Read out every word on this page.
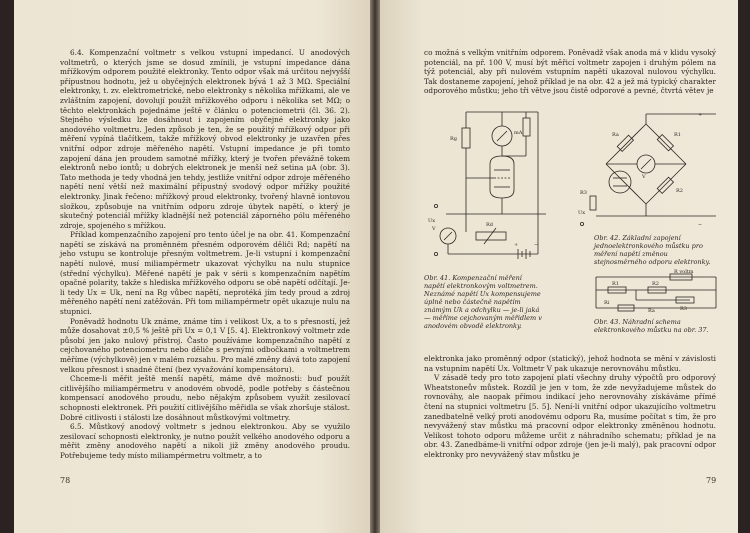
6.4. Kompenzační voltmetr s velkou vstupní impedancí. U anodových voltmetrů, o kterých jsme se dosud zmínili, je vstupní impedance dána mřížkovým odporem použité elektronky. Tento odpor však má určitou nejvyšší přípustnou hodnotu, jež u obyčejných elektronek bývá 1 až 3 MΩ. Speciální elektronky, t. zv. elektrometrické, nebo elektronky s několika mřížkami, ale ve zvláštním zapojení, dovolují použít mřížkového odporu i několika set MΩ; o těchto elektronkách pojednáme ještě v článku o potenciometrii (čl. 36. 2). Stejného výsledku lze dosáhnout i zapojením obyčejné elektronky jako anodového voltmetru. Jeden způsob je ten, že se použitý mřížkový odpor při měření vypíná tlačítkem, takže mřížkový obvod elektronky je uzavřen přes vnitřní odpor zdroje měřeného napětí. Vstupní impedance je při tomto zapojení dána jen proudem samotné mřížky, který je tvořen převážně tokem elektronů nebo iontů; u dobrých elektronek je menší než setina μA (obr. 3). Tato methoda je tedy vhodná jen tehdy, jestliže vnitřní odpor zdroje měřeného napětí není větší než maximální přípustný svodový odpor mřížky použité elektronky. Jinak řečeno: mřížkový proud elektronky, tvořený hlavně iontovou složkou, způsobuje na vnitřním odporu zdroje úbytek napětí, o který je skutečný potenciál mřížky kladnější než potenciál záporného pólu měřeného zdroje, spojeného s mřížkou.

Příklad kompenzačního zapojení pro tento účel je na obr. 41. Kompenzační napětí se získává na proměnném přesném odporovém děliči Rd; napětí na jeho vstupu se kontroluje přesným voltmetrem. Je-li vstupní i kompenzační napětí nulové, musí miliampérmetr ukazovat výchylku na nulu stupnice (střední výchylku). Měřené napětí je pak v sérii s kompenzačním napětím opačné polarity, takže s hlediska mřížkového odporu se obě napětí odčítají. Je-li tedy Ux = Uk, není na Rg vůbec napětí, neprotéká jím tedy proud a zdroj měřeného napětí není zatěžován. Při tom miliampérmetr opět ukazuje nulu na stupnici.

Poněvadž hodnotu Uk známe, známe tím i velikost Ux, a to s přesností, jež může dosahovat ±0,5 % ještě při Ux = 0,1 V [5. 4]. Elektronkový voltmetr zde působí jen jako nulový přístroj. Často používáme kompenzačního napětí z cejchovaného potenciometru nebo děliče s pevnými odbočkami a voltmetrem měříme (výchylkově) jen v malém rozsahu. Pro malé změny dává toto zapojení velkou přesnost i snadné čtení (bez vyvažování kompensátoru).

Chceme-li měřit ještě menší napětí, máme dvě možnosti: buď použít citlivějšího miliampérmetru v anodovém obvodě, podle potřeby s částečnou kompensací anodového proudu, nebo nějakým způsobem využít zesilovací schopnosti elektronek. Při použití citlivějšího měřidla se však zhoršuje stálost. Dobré citlivosti i stálosti lze dosáhnout můstkovými voltmetry.

6.5. Můstkový anodový voltmetr s jednou elektronkou. Aby se využilo zesilovací schopnosti elektronky, je nutno použít velkého anodového odporu a měřit změny anodového napětí a nikoli již změny anodového proudu. Potřebujeme tedy místo miliampérmetru voltmetr, a to

78

co možná s velkým vnitřním odporem. Poněvadž však anoda má v klidu vysoký potenciál, na př. 100 V, musí být měřicí voltmetr zapojen i druhým pólem na týž potenciál, aby při nulovém vstupním napětí ukazoval nulovou výchylku. Tak dostaneme zapojení, jehož příklad je na obr. 42 a jež má typický charakter odporového můstku; jeho tři větve jsou čistě odporové a pevné, čtvrtá větev je

Rg
mA
V
Rd
+	−
Ux
Obr. 41. Kompenzační měření napětí elektronkovým voltmetrem. Neznámé napětí Ux kompensujeme úplně nebo částečně napětím známým Uk a odchylku — je-li jaká — měříme cejchovaným měřidlem v anodovém obvodě elektronky.
+
R1
R2
Ra
V
−
R3
Ux
Obr. 42. Základní zapojení jednoelektronkového můstku pro měření napětí změnou stejnosměrného odporu elektronky.
R voltm
R1	R2
R3
Ri
Ra
Obr. 43. Náhradní schema elektronkového můstku na obr. 37.

elektronka jako proměnný odpor (statický), jehož hodnota se mění v závislosti na vstupním napětí Ux. Voltmetr V pak ukazuje nerovnováhu můstku.

V zásadě tedy pro toto zapojení platí všechny druhy výpočtů pro odporový Wheatstoneův můstek. Rozdíl je jen v tom, že zde nevyžadujeme můstek do rovnováhy, ale naopak přímou indikací jeho nerovnováhy získáváme přímé čtení na stupnici voltmetru [5. 5]. Není-li vnitřní odpor ukazujícího voltmetru zanedbatelně velký proti anodovému odporu Ra, musíme počítat s tím, že pro nevyvážený stav můstku má pracovní odpor elektronky změněnou hodnotu. Velikost tohoto odporu můžeme určit z náhradního schematu; příklad je na obr. 43. Zanedbáme-li vnitřní odpor zdroje (jen je-li malý), pak pracovní odpor elektronky pro nevyvážený stav můstku je

79
